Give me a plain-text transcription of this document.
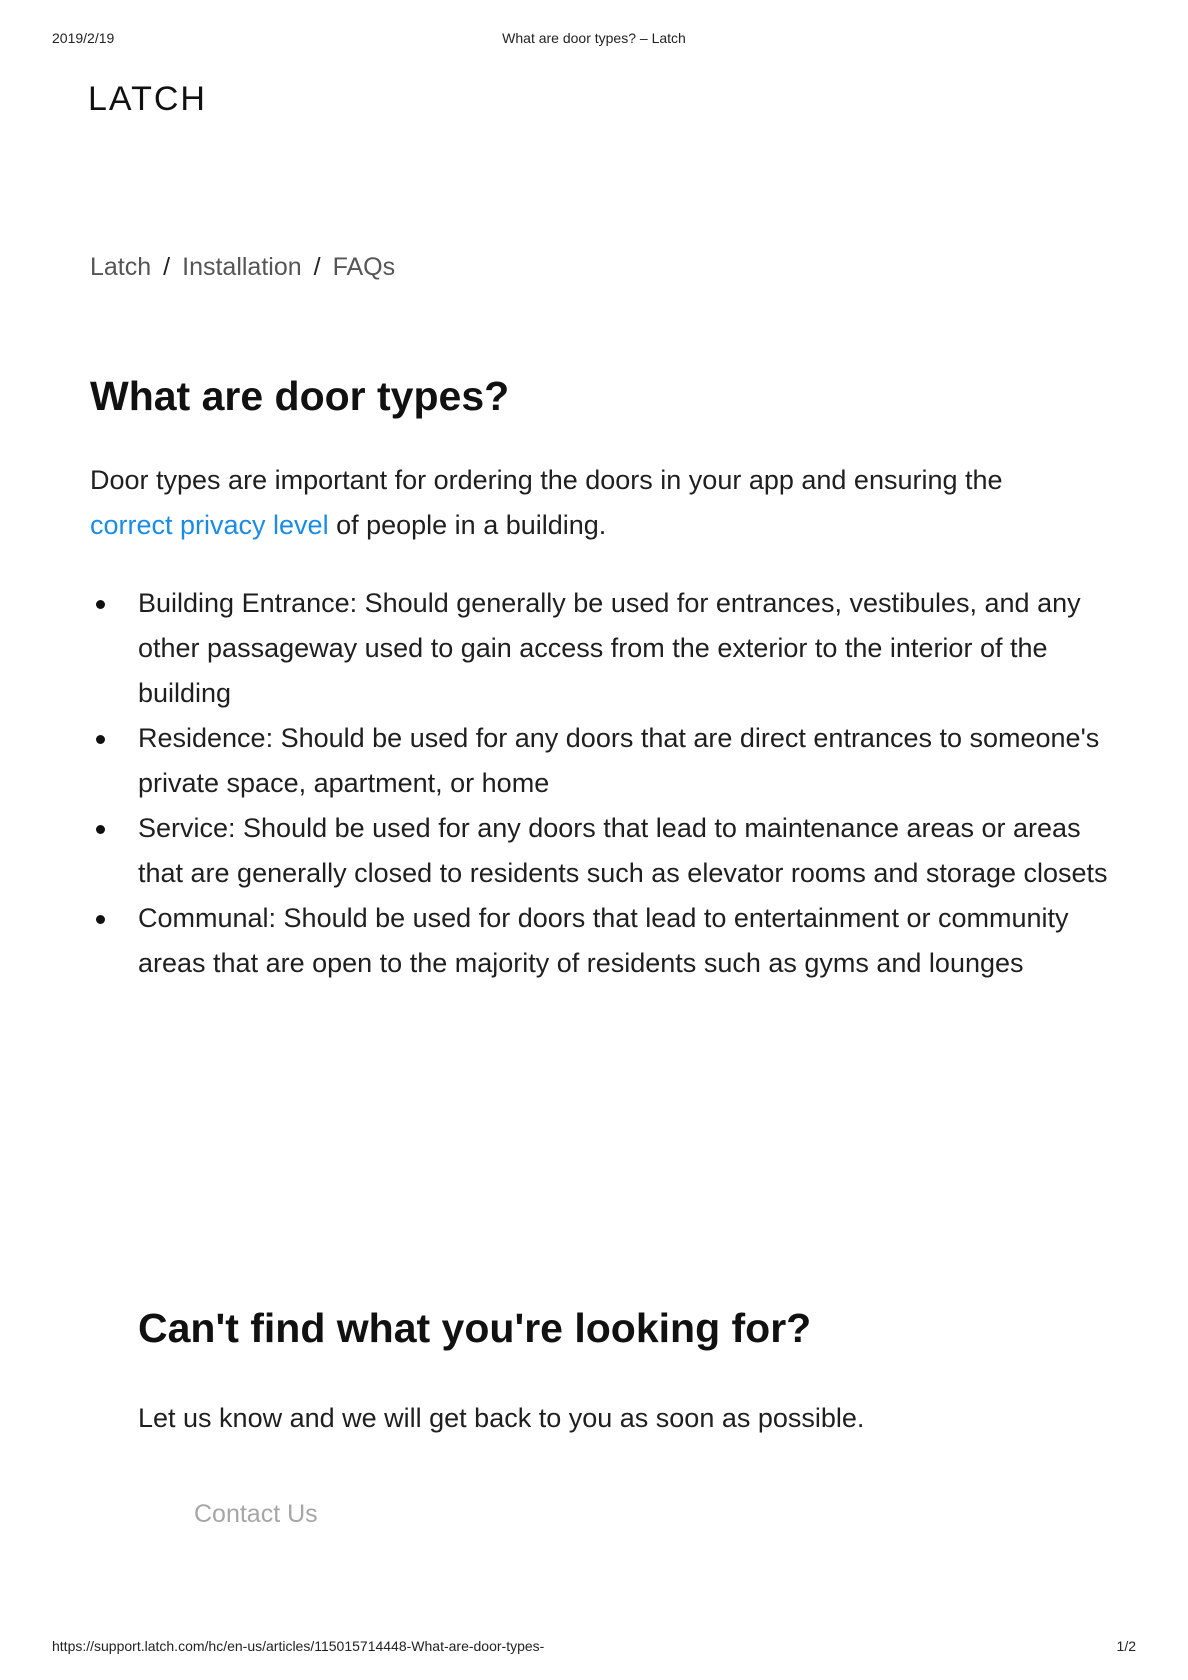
2019/2/19	What are door types? – Latch
LATCH
Latch / Installation / FAQs
What are door types?

Door types are important for ordering the doors in your app and ensuring the correct privacy level of people in a building.

Building Entrance: Should generally be used for entrances, vestibules, and any other passageway used to gain access from the exterior to the interior of the building
Residence: Should be used for any doors that are direct entrances to someone's private space, apartment, or home
Service: Should be used for any doors that lead to maintenance areas or areas that are generally closed to residents such as elevator rooms and storage closets
Communal: Should be used for doors that lead to entertainment or community areas that are open to the majority of residents such as gyms and lounges
Can't find what you're looking for?

Let us know and we will get back to you as soon as possible.

Contact Us
https://support.latch.com/hc/en-us/articles/115015714448-What-are-door-types-	1/2
